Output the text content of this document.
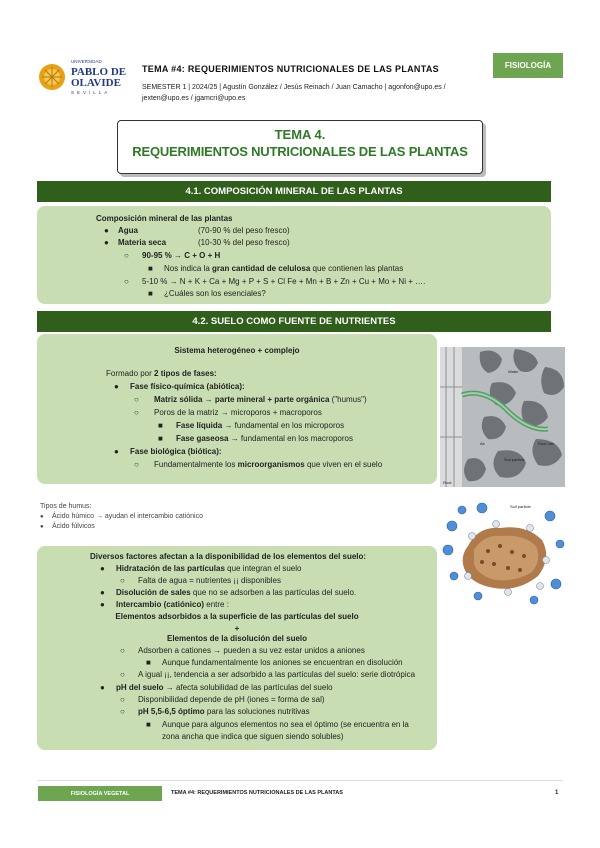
UNIVERSIDAD
PABLO DE
OLAVIDE
SEVILLA
TEMA #4: REQUERIMIENTOS NUTRICIONALES DE LAS PLANTAS
SEMESTER 1 | 2024/25 | Agustín González / Jesús Reinach / Juan Camacho | agonfon@upo.es / jexten@upo.es / jgamcri@upo.es
FISIOLOGÍA
TEMA 4.
REQUERIMIENTOS NUTRICIONALES DE LAS PLANTAS
4.1. COMPOSICIÓN MINERAL DE LAS PLANTAS
Composición mineral de las plantas
● Agua	(70-90 % del peso fresco)
● Materia seca	(10-30 % del peso fresco)
○ 90-95 % → C + O + H
■ Nos indica la gran cantidad de celulosa que contienen las plantas
○ 5-10 % → N + K + Ca + Mg + P + S + Cl Fe + Mn + B + Zn + Cu + Mo + Ni + ….
■ ¿Cuáles son los esenciales?
4.2. SUELO COMO FUENTE DE NUTRIENTES
Sistema heterogéneo + complejo
Formado por 2 tipos de fases:
● Fase físico-química (abiótica):
○ Matriz sólida → parte mineral + parte orgánica ("humus")
○ Poros de la matriz → microporos + macroporos
■ Fase líquida → fundamental en los microporos
■ Fase gaseosa → fundamental en los macroporos
● Fase biológica (biótica):
○ Fundamentalmente los microorganismos que viven en el suelo
Water
Root hair
Air
Soil particle
Root
Tipos de humus:
● Ácido húmico → ayudan el intercambio catiónico
● Ácido fúlvicos
Soil particle
Diversos factores afectan a la disponibilidad de los elementos del suelo:
● Hidratación de las partículas que integran el suelo
○ Falta de agua = nutrientes ¡¡ disponibles
● Disolución de sales que no se adsorben a las partículas del suelo.
● Intercambio (catiónico) entre :
Elementos adsorbidos a la superficie de las partículas del suelo
+
Elementos de la disolución del suelo
○ Adsorben a cationes → pueden a su vez estar unidos a aniones
■ Aunque fundamentalmente los aniones se encuentran en disolución
○ A igual ¡¡, tendencia a ser adsorbido a las partículas del suelo: serie diotrópica
● pH del suelo → afecta solubilidad de las partículas del suelo
○ Disponibilidad depende de pH (iones = forma de sal)
○ pH 5,5-6,5 óptimo para las soluciones nutritivas
■ Aunque para algunos elementos no sea el óptimo (se encuentra en la
zona ancha que indica que siguen siendo solubles)
FISIOLOGÍA VEGETAL	TEMA #4: REQUERIMIENTOS NUTRICIONALES DE LAS PLANTAS	1
